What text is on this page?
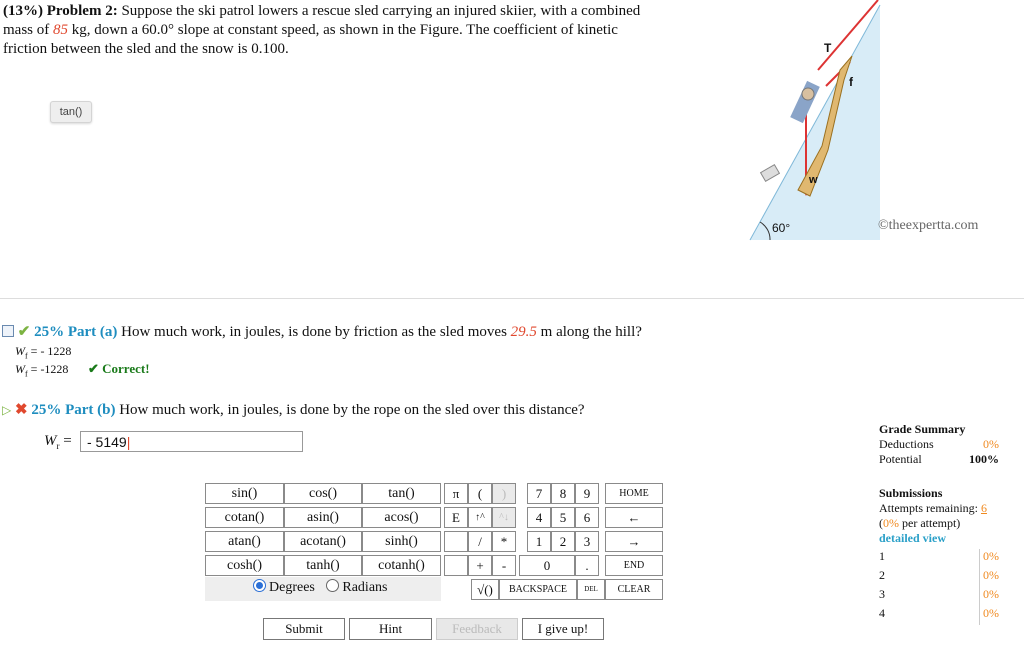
(13%) Problem 2: Suppose the ski patrol lowers a rescue sled carrying an injured skiier, with a combined mass of 85 kg, down a 60.0° slope at constant speed, as shown in the Figure. The coefficient of kinetic friction between the sled and the snow is 0.100.
tan()
60°
T
f
w
©theexpertta.com
✔ 25% Part (a) How much work, in joules, is done by friction as the sled moves 29.5 m along the hill?
$W_f$ = - 1228
$W_f = -1228$ ✔ Correct!
▷ ✖ 25% Part (b) How much work, in joules, is done by the rope on the sled over this distance?
$W_r$ =	- 5149|
sin()	cos()	tan()
cotan()	asin()	acos()
atan()	acotan()	sinh()
cosh()	tanh()	cotanh()
Degrees Radians
π	(	)
E	↑^	^↓
/	*
+	-
7	8	9
4	5	6
1	2	3
0	.
HOME
←
→
END
√()	BACKSPACE	DEL	CLEAR
Submit	Hint	Feedback	I give up!
Grade Summary
Deductions	0%
Potential	100%
Submissions
Attempts remaining: 6
(0% per attempt)
detailed view
1	0%
2	0%
3	0%
4	0%
